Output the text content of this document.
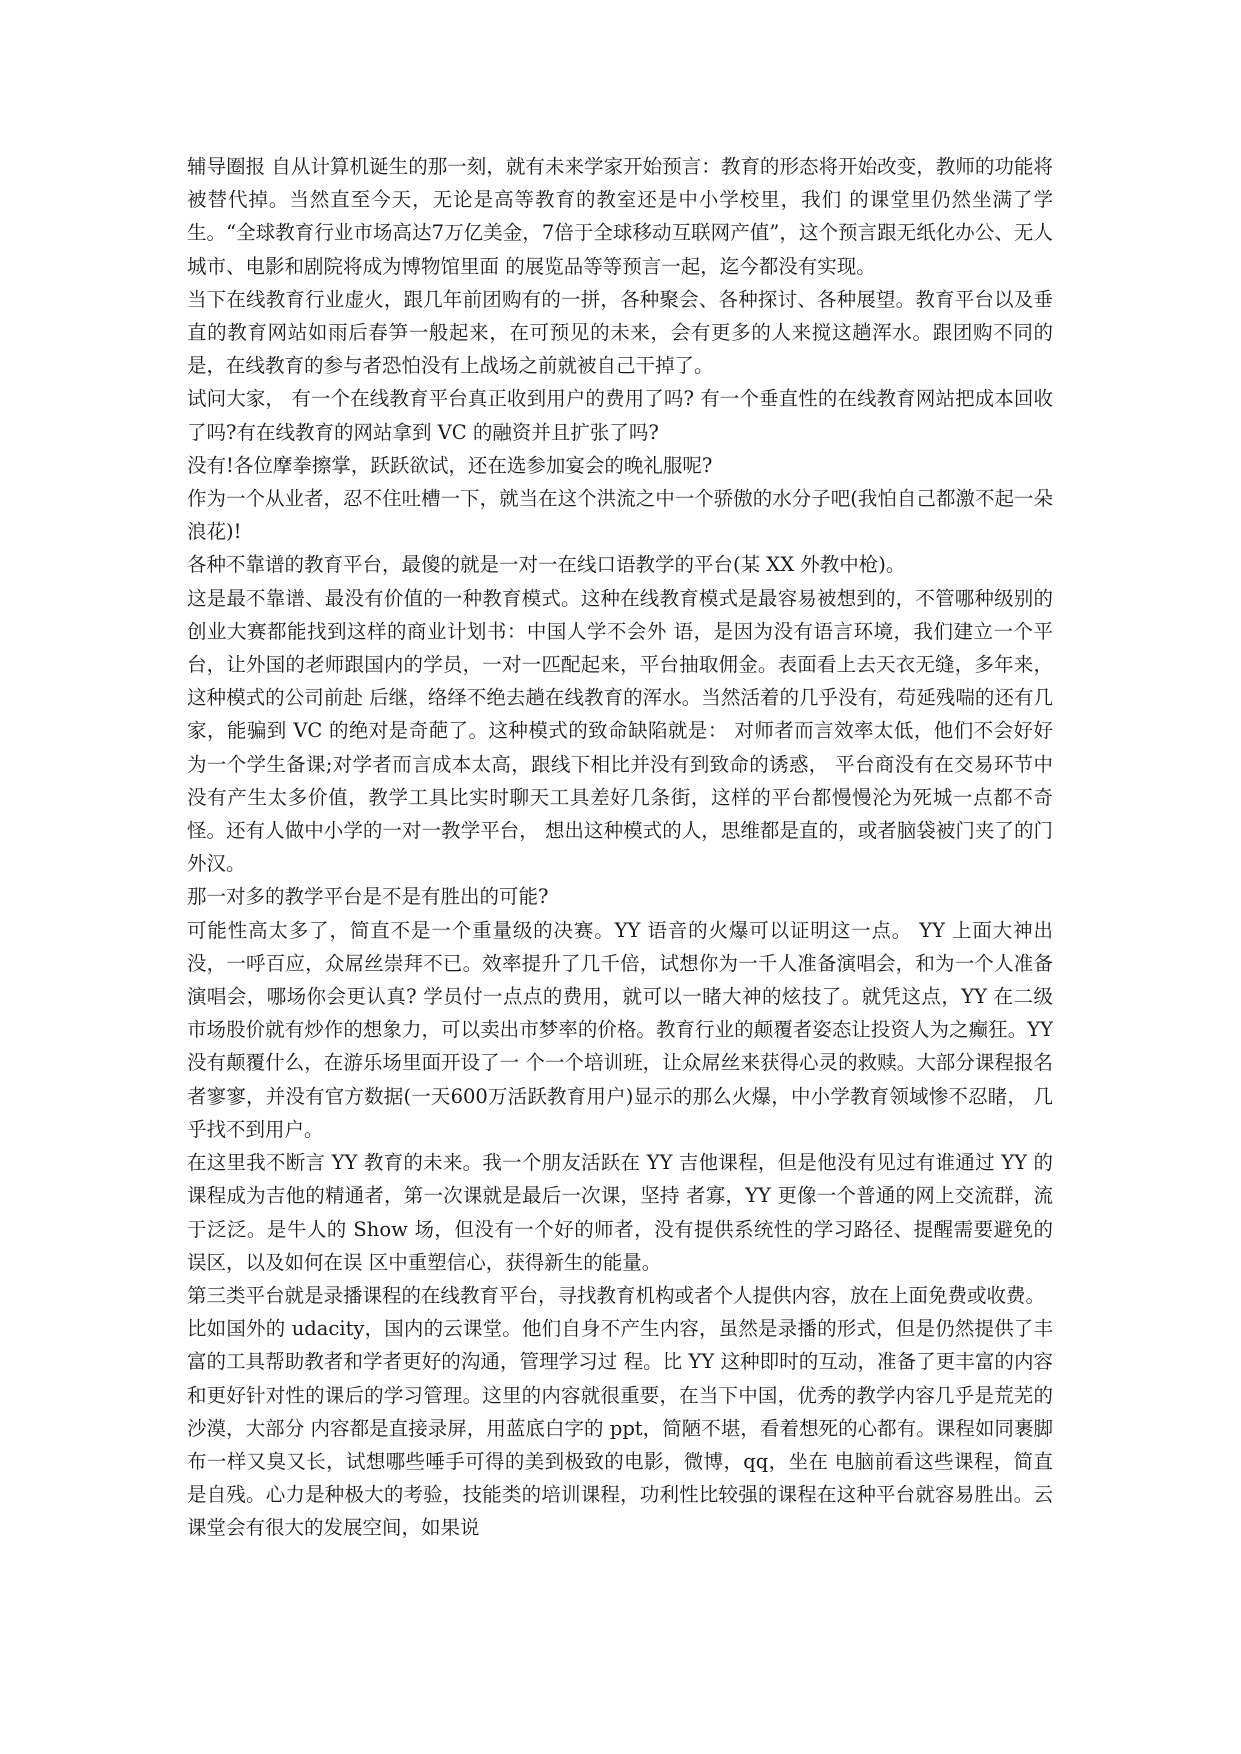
辅导圈报 自从计算机诞生的那一刻，就有未来学家开始预言：教育的形态将开始改变，教师的功能将被替代掉。当然直至今天，无论是高等教育的教室还是中小学校里，我们 的课堂里仍然坐满了学生。“全球教育行业市场高达7万亿美金，7倍于全球移动互联网产值”，这个预言跟无纸化办公、无人城市、电影和剧院将成为博物馆里面 的展览品等等预言一起，迄今都没有实现。

当下在线教育行业虚火，跟几年前团购有的一拼，各种聚会、各种探讨、各种展望。教育平台以及垂直的教育网站如雨后春笋一般起来，在可预见的未来，会有更多的人来搅这趟浑水。跟团购不同的是，在线教育的参与者恐怕没有上战场之前就被自己干掉了。

试问大家， 有一个在线教育平台真正收到用户的费用了吗? 有一个垂直性的在线教育网站把成本回收了吗?有在线教育的网站拿到 VC 的融资并且扩张了吗?

没有!各位摩拳擦掌，跃跃欲试，还在选参加宴会的晚礼服呢?

作为一个从业者，忍不住吐槽一下，就当在这个洪流之中一个骄傲的水分子吧(我怕自己都激不起一朵浪花)!

各种不靠谱的教育平台，最傻的就是一对一在线口语教学的平台(某 XX 外教中枪)。

这是最不靠谱、最没有价值的一种教育模式。这种在线教育模式是最容易被想到的，不管哪种级别的创业大赛都能找到这样的商业计划书：中国人学不会外 语，是因为没有语言环境，我们建立一个平台，让外国的老师跟国内的学员，一对一匹配起来，平台抽取佣金。表面看上去天衣无缝，多年来，这种模式的公司前赴 后继，络绎不绝去趟在线教育的浑水。当然活着的几乎没有，苟延残喘的还有几家，能骗到 VC 的绝对是奇葩了。这种模式的致命缺陷就是： 对师者而言效率太低，他们不会好好为一个学生备课;对学者而言成本太高，跟线下相比并没有到致命的诱惑， 平台商没有在交易环节中没有产生太多价值，教学工具比实时聊天工具差好几条街，这样的平台都慢慢沦为死城一点都不奇怪。还有人做中小学的一对一教学平台， 想出这种模式的人，思维都是直的，或者脑袋被门夹了的门外汉。

那一对多的教学平台是不是有胜出的可能?

可能性高太多了，简直不是一个重量级的决赛。YY 语音的火爆可以证明这一点。 YY 上面大神出没，一呼百应，众屌丝崇拜不已。效率提升了几千倍，试想你为一千人准备演唱会，和为一个人准备演唱会，哪场你会更认真? 学员付一点点的费用，就可以一睹大神的炫技了。就凭这点，YY 在二级市场股价就有炒作的想象力，可以卖出市梦率的价格。教育行业的颠覆者姿态让投资人为之癫狂。YY 没有颠覆什么，在游乐场里面开设了一 个一个培训班，让众屌丝来获得心灵的救赎。大部分课程报名者寥寥，并没有官方数据(一天600万活跃教育用户)显示的那么火爆，中小学教育领域惨不忍睹， 几乎找不到用户。

在这里我不断言 YY 教育的未来。我一个朋友活跃在 YY 吉他课程，但是他没有见过有谁通过 YY 的课程成为吉他的精通者，第一次课就是最后一次课，坚持 者寡，YY 更像一个普通的网上交流群，流于泛泛。是牛人的 Show 场，但没有一个好的师者，没有提供系统性的学习路径、提醒需要避免的误区，以及如何在误 区中重塑信心，获得新生的能量。

第三类平台就是录播课程的在线教育平台，寻找教育机构或者个人提供内容，放在上面免费或收费。

比如国外的 udacity，国内的云课堂。他们自身不产生内容，虽然是录播的形式，但是仍然提供了丰富的工具帮助教者和学者更好的沟通，管理学习过 程。比 YY 这种即时的互动，准备了更丰富的内容和更好针对性的课后的学习管理。这里的内容就很重要，在当下中国，优秀的教学内容几乎是荒芜的沙漠，大部分 内容都是直接录屏，用蓝底白字的 ppt，简陋不堪，看着想死的心都有。课程如同裹脚布一样又臭又长，试想哪些唾手可得的美到极致的电影，微博，qq，坐在 电脑前看这些课程，简直是自残。心力是种极大的考验，技能类的培训课程，功利性比较强的课程在这种平台就容易胜出。云课堂会有很大的发展空间，如果说
